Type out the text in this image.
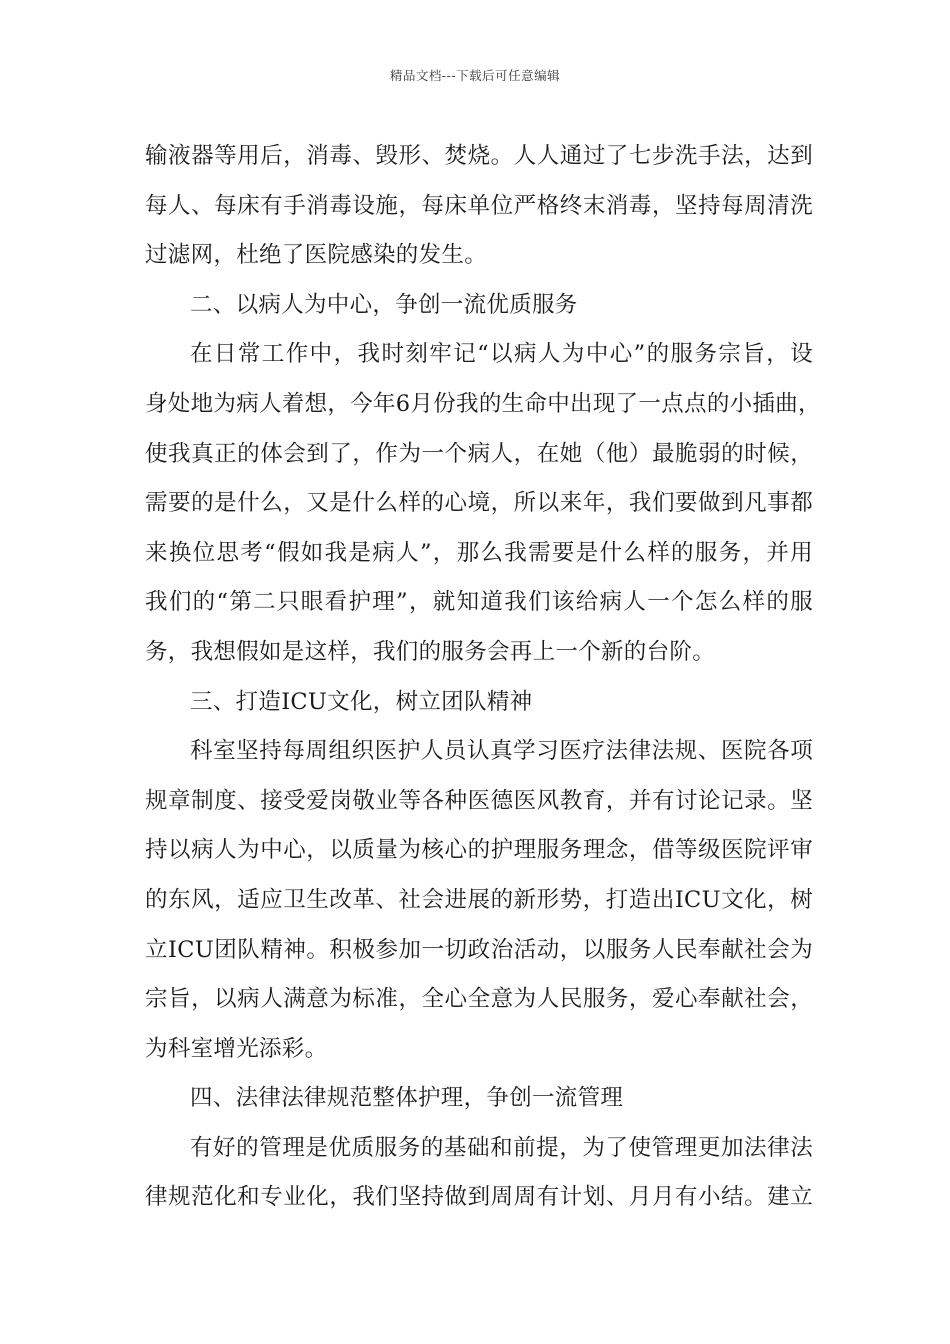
精品文档---下载后可任意编辑
输液器等用后，消毒、毁形、焚烧。人人通过了七步洗手法，达到
每人、每床有手消毒设施，每床单位严格终末消毒，坚持每周清洗
过滤网，杜绝了医院感染的发生。
二、以病人为中心，争创一流优质服务
在日常工作中，我时刻牢记“以病人为中心”的服务宗旨，设
身处地为病人着想，今年6月份我的生命中出现了一点点的小插曲，
使我真正的体会到了，作为一个病人，在她（他）最脆弱的时候，
需要的是什么，又是什么样的心境，所以来年，我们要做到凡事都
来换位思考“假如我是病人”，那么我需要是什么样的服务，并用
我们的“第二只眼看护理”，就知道我们该给病人一个怎么样的服
务，我想假如是这样，我们的服务会再上一个新的台阶。
三、打造ICU文化，树立团队精神
科室坚持每周组织医护人员认真学习医疗法律法规、医院各项
规章制度、接受爱岗敬业等各种医德医风教育，并有讨论记录。坚
持以病人为中心，以质量为核心的护理服务理念，借等级医院评审
的东风，适应卫生改革、社会进展的新形势，打造出ICU文化，树
立ICU团队精神。积极参加一切政治活动，以服务人民奉献社会为
宗旨，以病人满意为标准，全心全意为人民服务，爱心奉献社会，
为科室增光添彩。
四、法律法律规范整体护理，争创一流管理
有好的管理是优质服务的基础和前提，为了使管理更加法律法
律规范化和专业化，我们坚持做到周周有计划、月月有小结。建立
